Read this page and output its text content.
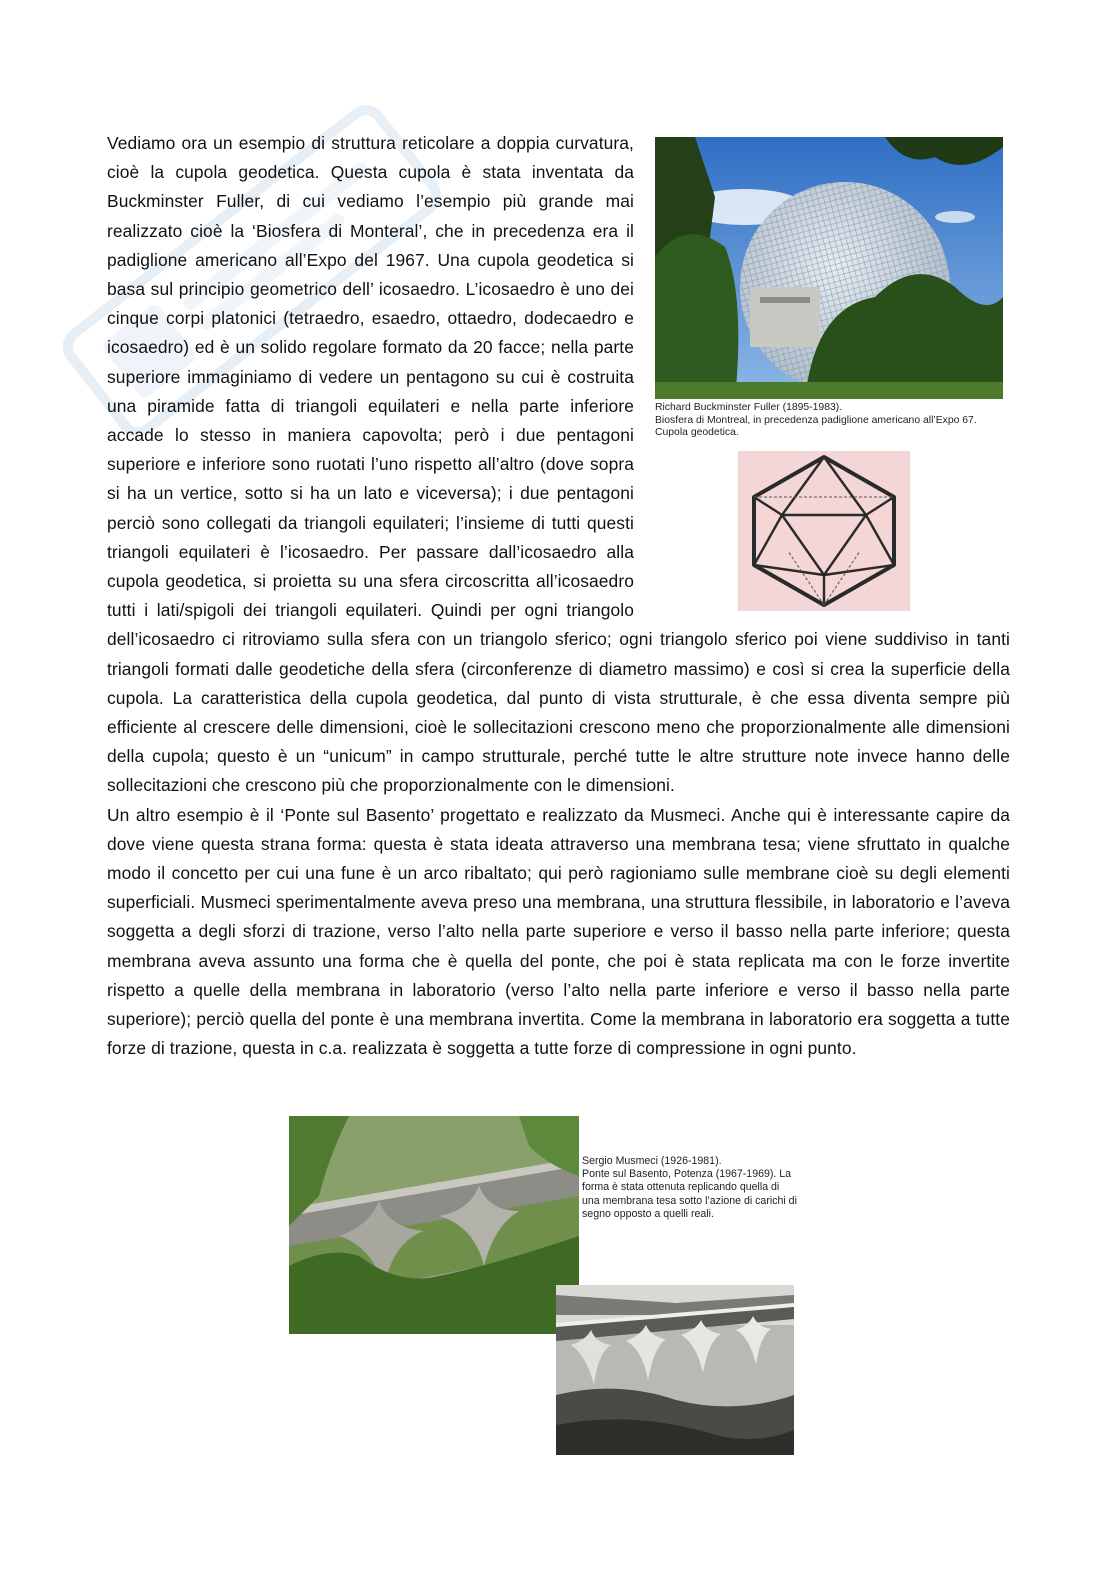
Vediamo ora un esempio di struttura reticolare a doppia curvatura, cioè la cupola geodetica. Questa cupola è stata inventata da Buckminster Fuller, di cui vediamo l’esempio più grande mai realizzato cioè la ‘Biosfera di Monteral’, che in precedenza era il padiglione americano all’Expo del 1967. Una cupola geodetica si basa sul principio geometrico dell’ icosaedro. L’icosaedro è uno dei cinque corpi platonici (tetraedro, esaedro, ottaedro, dodecaedro e icosaedro) ed è un solido regolare formato da 20 facce; nella parte superiore immaginiamo di vedere un pentagono su cui è costruita una piramide fatta di triangoli equilateri e nella parte inferiore accade lo stesso in maniera capovolta; però i due pentagoni superiore e inferiore sono ruotati l’uno rispetto all’altro (dove sopra si ha un vertice, sotto si ha un lato e viceversa); i due pentagoni perciò sono collegati da triangoli equilateri; l’insieme di tutti questi triangoli equilateri è l’icosaedro. Per passare dall’icosaedro alla cupola geodetica, si proietta su una sfera circoscritta all’icosaedro tutti i lati/spigoli dei triangoli equilateri. Quindi per ogni triangolo dell’icosaedro ci ritroviamo sulla sfera con un triangolo sferico; ogni triangolo sferico poi viene suddiviso in tanti triangoli formati dalle geodetiche della sfera (circonferenze di diametro massimo) e così si crea la superficie della cupola. La caratteristica della cupola geodetica, dal punto di vista strutturale, è che essa diventa sempre più efficiente al crescere delle dimensioni, cioè le sollecitazioni crescono meno che proporzionalmente alle dimensioni della cupola; questo è un “unicum” in campo strutturale, perché tutte le altre strutture note invece hanno delle sollecitazioni che crescono più che proporzionalmente con le dimensioni.

Un altro esempio è il ‘Ponte sul Basento’ progettato e realizzato da Musmeci. Anche qui è interessante capire da dove viene questa strana forma: questa è stata ideata attraverso una membrana tesa; viene sfruttato in qualche modo il concetto per cui una fune è un arco ribaltato; qui però ragioniamo sulle membrane cioè su degli elementi superficiali. Musmeci sperimentalmente aveva preso una membrana, una struttura flessibile, in laboratorio e l’aveva soggetta a degli sforzi di trazione, verso l’alto nella parte superiore e verso il basso nella parte inferiore; questa membrana aveva assunto una forma che è quella del ponte, che poi è stata replicata ma con le forze invertite rispetto a quelle della membrana in laboratorio (verso l’alto nella parte inferiore e verso il basso nella parte superiore); perciò quella del ponte è una membrana invertita. Come la membrana in laboratorio era soggetta a tutte forze di trazione, questa in c.a. realizzata è soggetta a tutte forze di compressione in ogni punto.

Richard Buckminster Fuller (1895-1983).
Biosfera di Montreal, in precedenza padiglione americano all’Expo 67.
Cupola geodetica.
Sergio Musmeci (1926-1981).
Ponte sul Basento, Potenza (1967-1969). La
forma è stata ottenuta replicando quella di
una membrana tesa sotto l’azione di carichi di
segno opposto a quelli reali.
